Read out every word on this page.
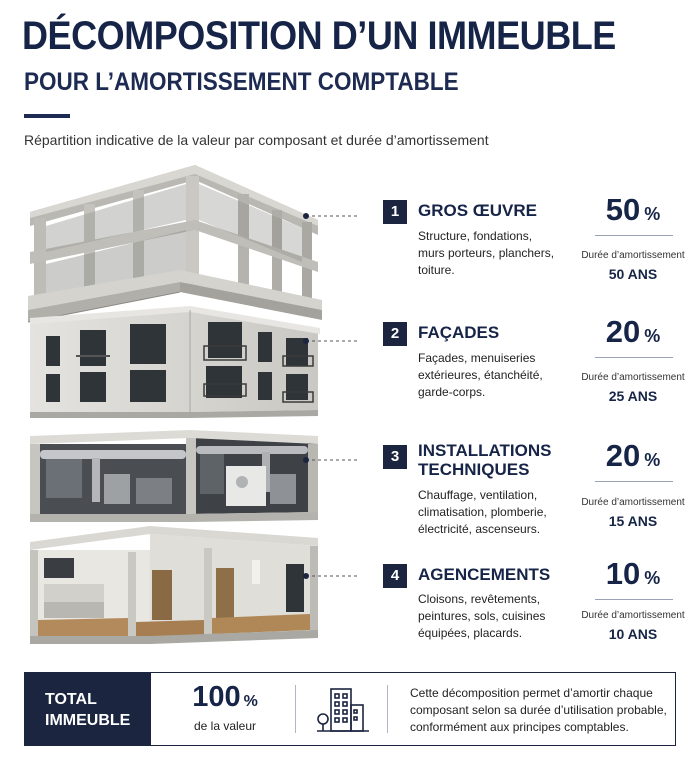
DÉCOMPOSITION D’UN IMMEUBLE
POUR L’AMORTISSEMENT COMPTABLE
Répartition indicative de la valeur par composant et durée d’amortissement
1	GROS ŒUVRE
Structure, fondations,
murs porteurs, planchers,
toiture.
50 %
Durée d’amortissement
50 ANS
2	FAÇADES
Façades, menuiseries
extérieures, étanchéité,
garde-corps.
20 %
Durée d’amortissement
25 ANS
3	INSTALLATIONS
TECHNIQUES
Chauffage, ventilation,
climatisation, plomberie,
électricité, ascenseurs.
20 %
Durée d’amortissement
15 ANS
4	AGENCEMENTS
Cloisons, revêtements,
peintures, sols, cuisines
équipées, placards.
10 %
Durée d’amortissement
10 ANS
TOTAL
IMMEUBLE
100 %
de la valeur
Cette décomposition permet d’amortir chaque
composant selon sa durée d’utilisation probable,
conformément aux principes comptables.
